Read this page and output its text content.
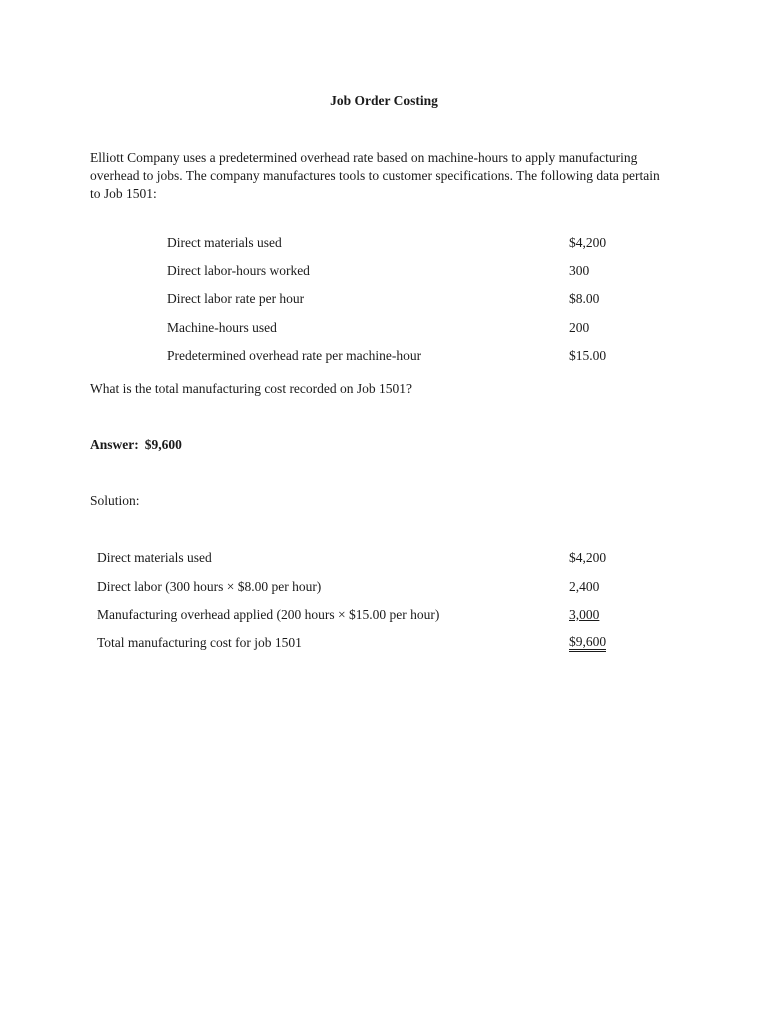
Job Order Costing

Elliott Company uses a predetermined overhead rate based on machine-hours to apply manufacturing
overhead to jobs. The company manufactures tools to customer specifications. The following data pertain
to Job 1501:

Direct materials used	$4,200
Direct labor-hours worked	300
Direct labor rate per hour	$8.00
Machine-hours used	200
Predetermined overhead rate per machine-hour	$15.00
What is the total manufacturing cost recorded on Job 1501?
Answer: $9,600
Solution:
Direct materials used	$4,200
Direct labor (300 hours × $8.00 per hour)	2,400
Manufacturing overhead applied (200 hours × $15.00 per hour)	3,000
Total manufacturing cost for job 1501	$9,600
